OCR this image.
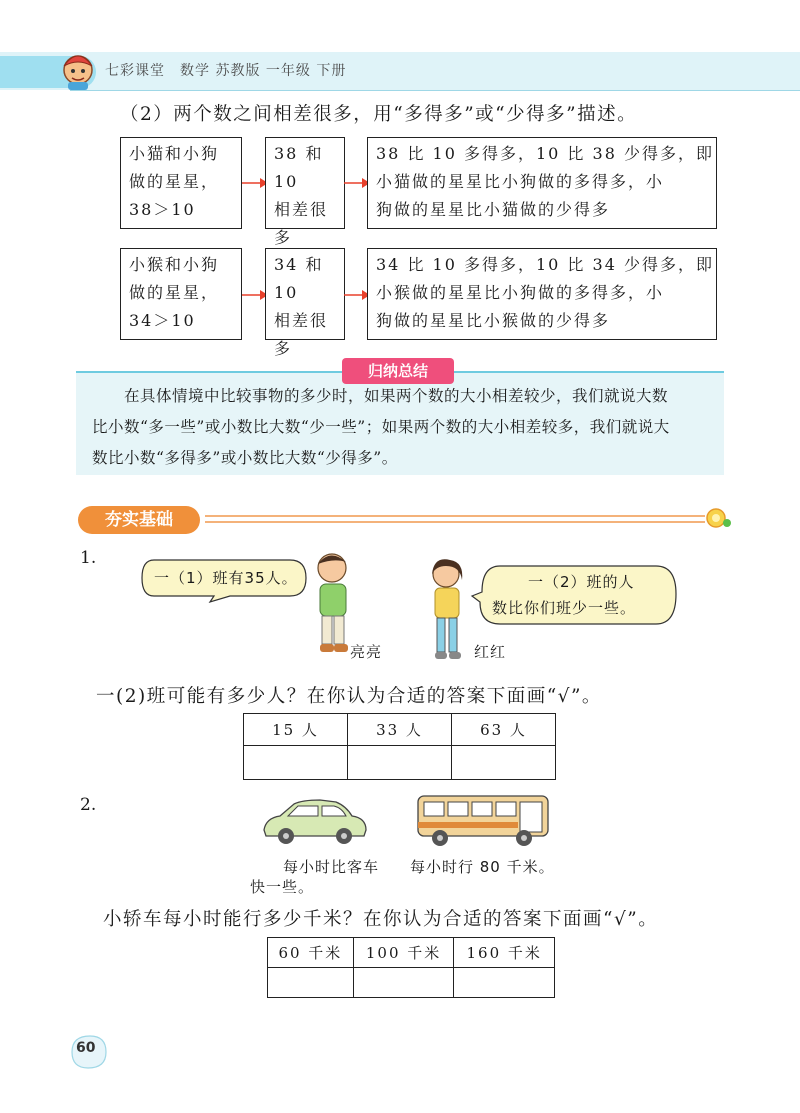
七彩课堂　数学 苏教版 一年级 下册
（2）两个数之间相差很多，用“多得多”或“少得多”描述。
小猫和小狗
做的星星，
38＞10
38 和 10
相差很
多
38 比 10 多得多，10 比 38 少得多，即
小猫做的星星比小狗做的多得多，小
狗做的星星比小猫做的少得多
小猴和小狗
做的星星，
34＞10
34 和 10
相差很
多
34 比 10 多得多，10 比 34 少得多，即
小猴做的星星比小狗做的多得多，小
狗做的星星比小猴做的少得多
归纳总结
在具体情境中比较事物的多少时，如果两个数的大小相差较少，我们就说大数
比小数“多一些”或小数比大数“少一些”；如果两个数的大小相差较多，我们就说大
数比小数“多得多”或小数比大数“少得多”。
夯实基础
1.
一（1）班有35人。
亮亮	红红
一（2）班的人
数比你们班少一些。
一(2)班可能有多少人？在你认为合适的答案下面画“√”。
15 人	33 人	63 人

2.
每小时比客车
快一些。
每小时行 80 千米。
小轿车每小时能行多少千米？在你认为合适的答案下面画“√”。
60 千米	100 千米	160 千米

60
